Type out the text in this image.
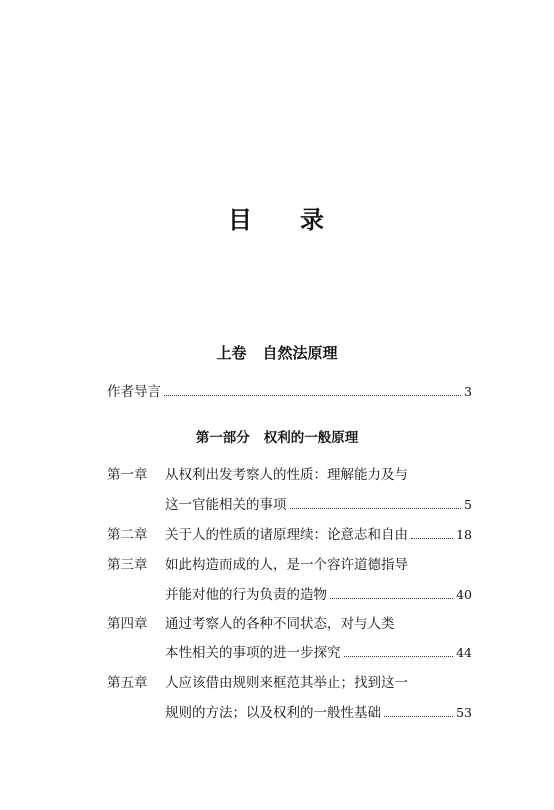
目 录
上卷 自然法原理
作者导言	3
第一部分 权利的一般原理
第一章	从权利出发考察人的性质：理解能力及与
这一官能相关的事项	5
第二章	关于人的性质的诸原理续：论意志和自由	18
第三章	如此构造而成的人，是一个容许道德指导
并能对他的行为负责的造物	40
第四章	通过考察人的各种不同状态，对与人类
本性相关的事项的进一步探究	44
第五章	人应该借由规则来框范其举止；找到这一
规则的方法；以及权利的一般性基础	53
